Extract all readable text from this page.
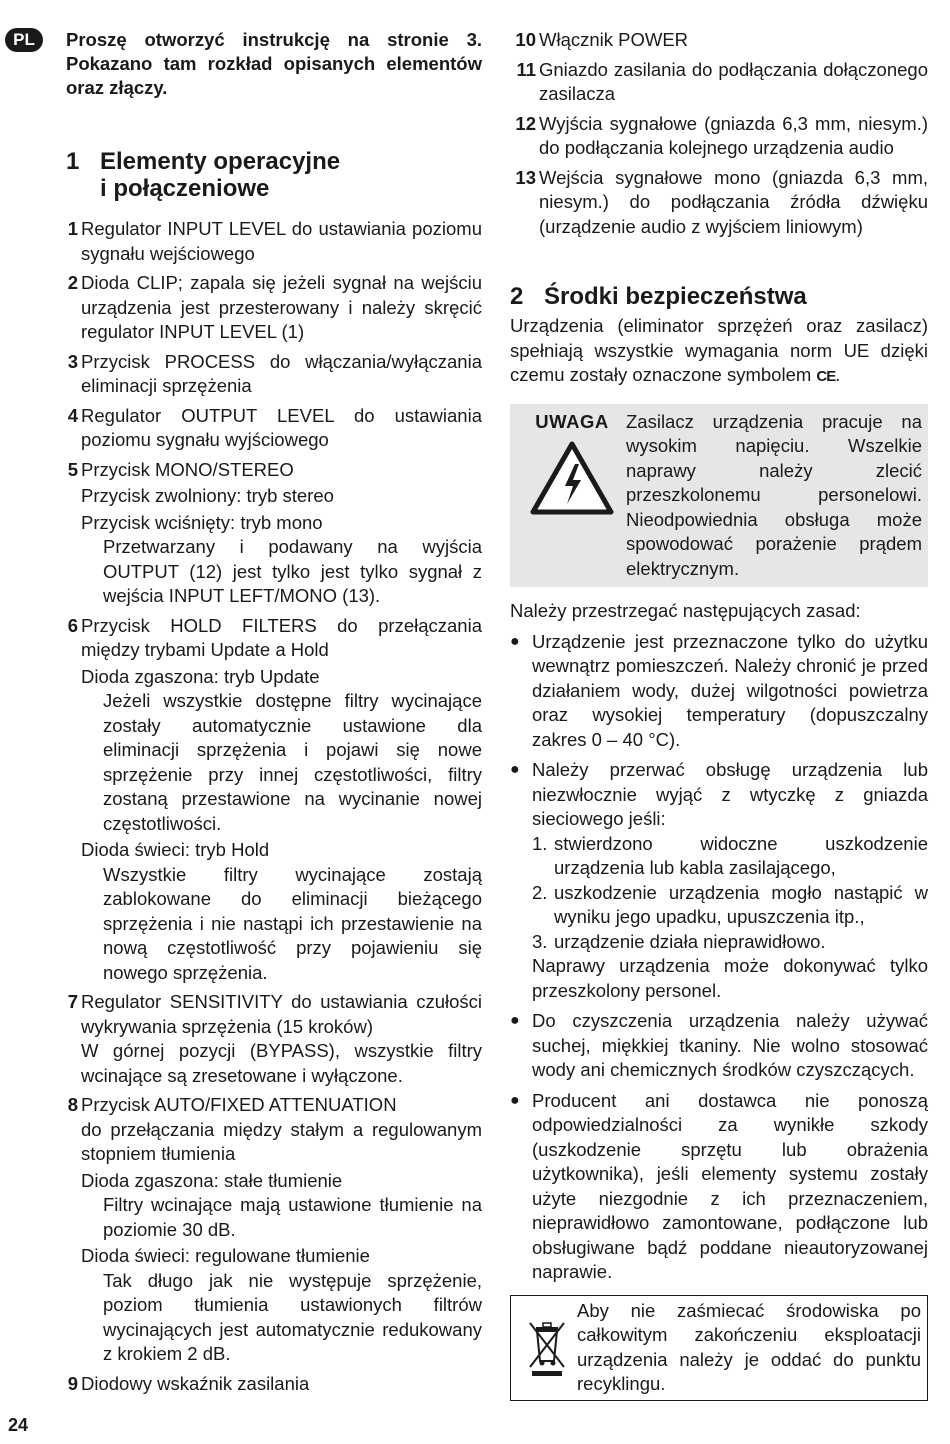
PL	Proszę otworzyć instrukcję na stronie 3. Pokazano tam rozkład opisanych elementów oraz złączy.

1 Elementy operacyjne
i połączeniowe
1 Regulator INPUT LEVEL do ustawiania poziomu sygnału wejściowego

2 Dioda CLIP; zapala się jeżeli sygnał na wejściu urządzenia jest przesterowany i należy skręcić regulator INPUT LEVEL (1)

3 Przycisk PROCESS do włączania/wyłączania eliminacji sprzężenia

4 Regulator OUTPUT LEVEL do ustawiania poziomu sygnału wyjściowego

5 Przycisk MONO/STEREO

Przycisk zwolniony: tryb stereo

Przycisk wciśnięty: tryb mono

Przetwarzany i podawany na wyjścia OUTPUT (12) jest tylko jest tylko sygnał z wejścia INPUT LEFT/MONO (13).

6 Przycisk HOLD FILTERS do przełączania między trybami Update a Hold

Dioda zgaszona: tryb Update

Jeżeli wszystkie dostępne filtry wycinające zostały automatycznie ustawione dla eliminacji sprzężenia i pojawi się nowe sprzężenie przy innej częstotliwości, filtry zostaną przestawione na wycinanie nowej częstotliwości.

Dioda świeci: tryb Hold

Wszystkie filtry wycinające zostają zablokowane do eliminacji bieżącego sprzężenia i nie nastąpi ich przestawienie na nową częstotliwość przy pojawieniu się nowego sprzężenia.

7 Regulator SENSITIVITY do ustawiania czułości wykrywania sprzężenia (15 kroków)

W górnej pozycji (BYPASS), wszystkie filtry wcinające są zresetowane i wyłączone.

8 Przycisk AUTO/FIXED ATTENUATION

do przełączania między stałym a regulowanym stopniem tłumienia

Dioda zgaszona: stałe tłumienie

Filtry wcinające mają ustawione tłumienie na poziomie 30 dB.

Dioda świeci: regulowane tłumienie

Tak długo jak nie występuje sprzężenie, poziom tłumienia ustawionych filtrów wycinających jest automatycznie redukowany z krokiem 2 dB.

9 Diodowy wskaźnik zasilania

10 Włącznik POWER

11 Gniazdo zasilania do podłączania dołączonego zasilacza

12 Wyjścia sygnałowe (gniazda 6,3 mm, niesym.) do podłączania kolejnego urządzenia audio

13 Wejścia sygnałowe mono (gniazda 6,3 mm, niesym.) do podłączania źródła dźwięku (urządzenie audio z wyjściem liniowym)

2 Środki bezpieczeństwa

Urządzenia (eliminator sprzężeń oraz zasilacz) spełniają wszystkie wymagania norm UE dzięki czemu zostały oznaczone symbolem CE.

UWAGA Zasilacz urządzenia pracuje na wysokim napięciu. Wszelkie naprawy należy zlecić przeszkolonemu personelowi. Nieodpowiednia obsługa może spowodować porażenie prądem elektrycznym.

Należy przestrzegać następujących zasad:

● Urządzenie jest przeznaczone tylko do użytku wewnątrz pomieszczeń. Należy chronić je przed działaniem wody, dużej wilgotności powietrza oraz wysokiej temperatury (dopuszczalny zakres 0 – 40 °C).
● Należy przerwać obsługę urządzenia lub niezwłocznie wyjąć z wtyczkę z gniazda sieciowego jeśli:

1. stwierdzono widoczne uszkodzenie urządzenia lub kabla zasilającego,
2. uszkodzenie urządzenia mogło nastąpić w wyniku jego upadku, upuszczenia itp.,
3. urządzenie działa nieprawidłowo.

Naprawy urządzenia może dokonywać tylko przeszkolony personel.

● Do czyszczenia urządzenia należy używać suchej, miękkiej tkaniny. Nie wolno stosować wody ani chemicznych środków czyszczących.
● Producent ani dostawca nie ponoszą odpowiedzialności za wynikłe szkody (uszkodzenie sprzętu lub obrażenia użytkownika), jeśli elementy systemu zostały użyte niezgodnie z ich przeznaczeniem, nieprawidłowo zamontowane, podłączone lub obsługiwane bądź poddane nieautoryzowanej naprawie.
Aby nie zaśmiecać środowiska po całkowitym zakończeniu eksploatacji urządzenia należy je oddać do punktu recyklingu.
24
